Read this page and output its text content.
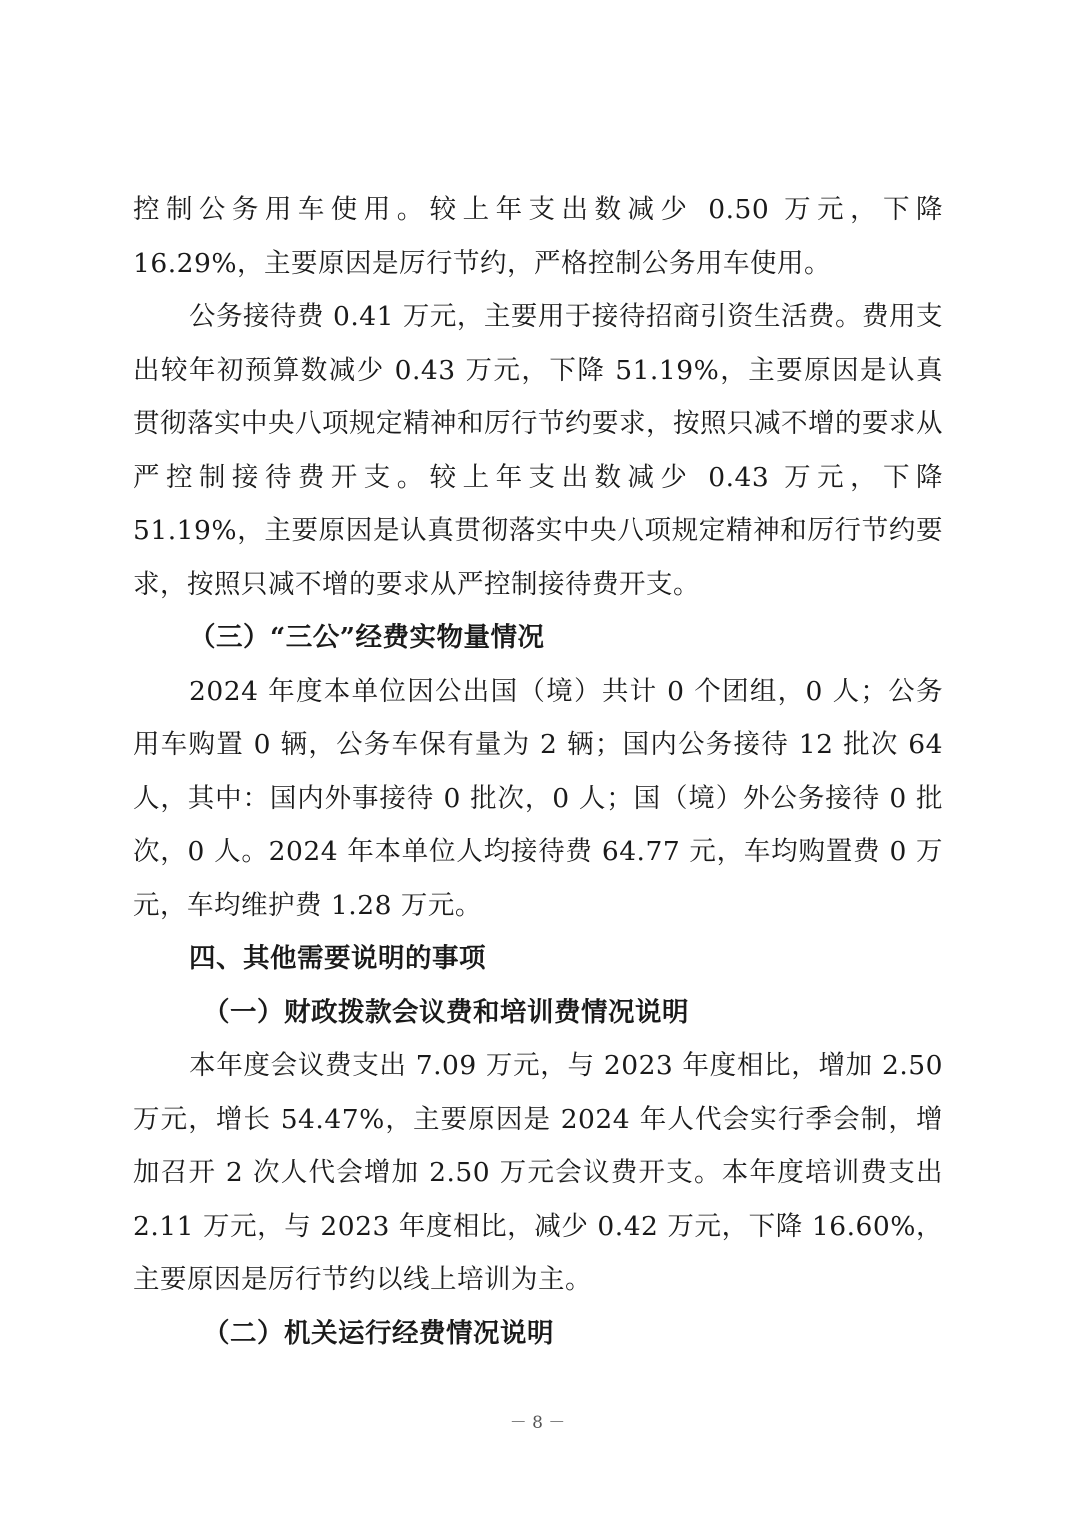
控制公务用车使用。较上年支出数减少 0.50 万元，下降 16.29%，主要原因是厉行节约，严格控制公务用车使用。

公务接待费 0.41 万元，主要用于接待招商引资生活费。费用支出较年初预算数减少 0.43 万元，下降 51.19%，主要原因是认真贯彻落实中央八项规定精神和厉行节约要求，按照只减不增的要求从严控制接待费开支。较上年支出数减少 0.43 万元，下降 51.19%，主要原因是认真贯彻落实中央八项规定精神和厉行节约要求，按照只减不增的要求从严控制接待费开支。

（三）“三公”经费实物量情况

2024 年度本单位因公出国（境）共计 0 个团组，0 人；公务用车购置 0 辆，公务车保有量为 2 辆；国内公务接待 12 批次 64 人，其中：国内外事接待 0 批次，0 人；国（境）外公务接待 0 批次，0 人。2024 年本单位人均接待费 64.77 元，车均购置费 0 万元，车均维护费 1.28 万元。

四、其他需要说明的事项

（一）财政拨款会议费和培训费情况说明

本年度会议费支出 7.09 万元，与 2023 年度相比，增加 2.50 万元，增长 54.47%，主要原因是 2024 年人代会实行季会制，增加召开 2 次人代会增加 2.50 万元会议费开支。本年度培训费支出 2.11 万元，与 2023 年度相比，减少 0.42 万元，下降 16.60%，主要原因是厉行节约以线上培训为主。

（二）机关运行经费情况说明

－ 8 －
